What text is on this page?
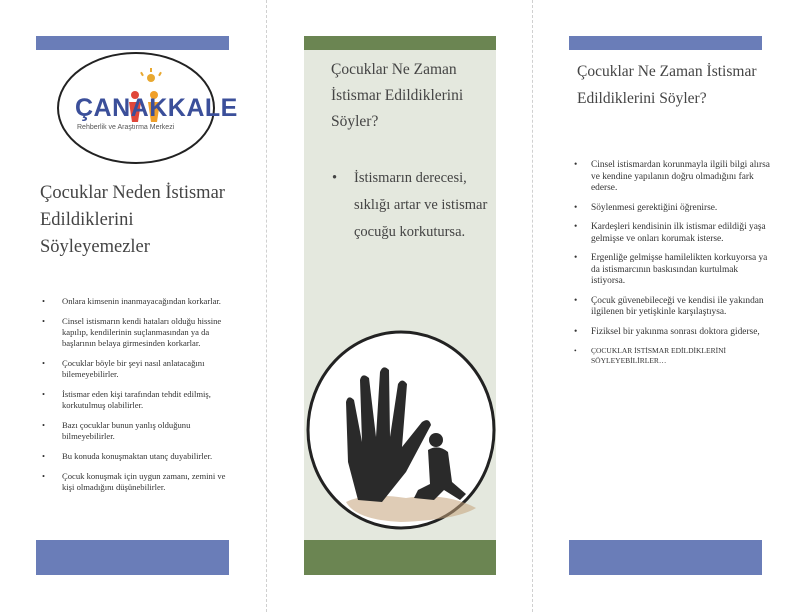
ÇANAKKALE
Rehberlik ve Araştırma Merkezi
Çocuklar Neden İstismar Edildiklerini Söyleyemezler
• Onlara kimsenin inanmayacağından korkarlar.
• Cinsel istismarın kendi hataları olduğu hissine kapılıp, kendilerinin suçlanmasından ya da başlarının belaya girmesinden korkarlar.
• Çocuklar böyle bir şeyi nasıl anlatacağını bilemeyebilirler.
• İstismar eden kişi tarafından tehdit edilmiş, korkutulmuş olabilirler.
• Bazı çocuklar bunun yanlış olduğunu bilmeyebilirler.
• Bu konuda konuşmaktan utanç duyabilirler.
• Çocuk konuşmak için uygun zamanı, zemini ve kişi olmadığını düşünebilirler.
Çocuklar Ne Zaman İstismar Edildiklerini Söyler?
• İstismarın derecesi, sıklığı artar ve istismar çocuğu korkutursa.
Çocuklar Ne Zaman İstismar Edildiklerini Söyler?
• Cinsel istismardan korunmayla ilgili bilgi alırsa ve kendine yapılanın doğru olmadığını fark ederse.
• Söylenmesi gerektiğini öğrenirse.
• Kardeşleri kendisinin ilk istismar edildiği yaşa gelmişse ve onları korumak isterse.
• Ergenliğe gelmişse hamilelikten korkuyorsa ya da istismarcının baskısından kurtulmak istiyorsa.
• Çocuk güvenebileceği ve kendisi ile yakından ilgilenen bir yetişkinle karşılaştıysa.
• Fiziksel bir yakınma sonrası doktora giderse,
• ÇOCUKLAR İSTİSMAR EDİLDİKLERİNİ SÖYLEYEBİLİRLER…
